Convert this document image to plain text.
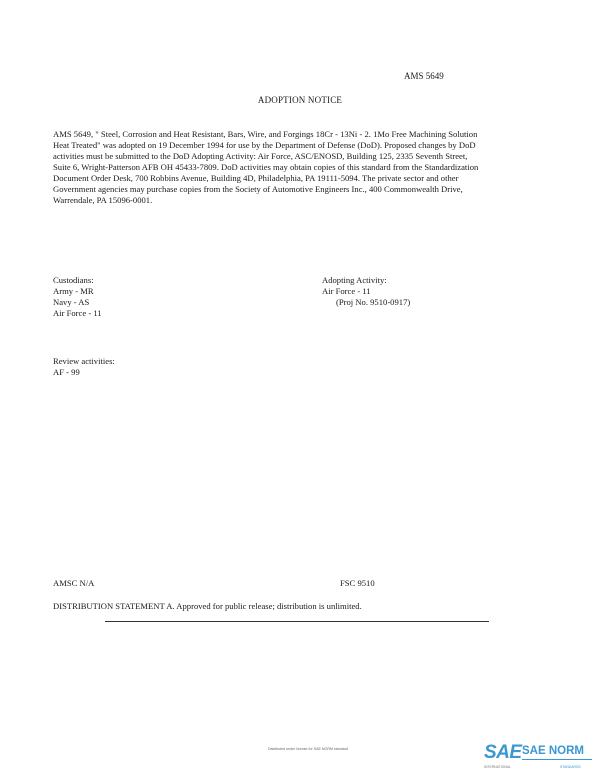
AMS 5649
ADOPTION NOTICE

AMS 5649, " Steel, Corrosion and Heat Resistant, Bars, Wire, and Forgings 18Cr - 13Ni - 2. 1Mo Free Machining Solution Heat Treated" was adopted on 19 December 1994 for use by the Department of Defense (DoD). Proposed changes by DoD activities must be submitted to the DoD Adopting Activity: Air Force, ASC/ENOSD, Building 125, 2335 Seventh Street, Suite 6, Wright-Patterson AFB OH 45433-7809. DoD activities may obtain copies of this standard from the Standardization Document Order Desk, 700 Robbins Avenue, Building 4D, Philadelphia, PA 19111-5094. The private sector and other Government agencies may purchase copies from the Society of Automotive Engineers Inc., 400 Commonwealth Drive, Warrendale, PA 15096-0001.

Custodians:
Army - MR
Navy - AS
Air Force - 11
Adopting Activity:
Air Force - 11
(Proj No. 9510-0917)
Review activities:
AF - 99
AMSC N/A	FSC 9510
DISTRIBUTION STATEMENT A. Approved for public release; distribution is unlimited.
Distributed under license for SAE NORM standard	SAE SAE NORM
INTERNATIONAL	STANDARDS
